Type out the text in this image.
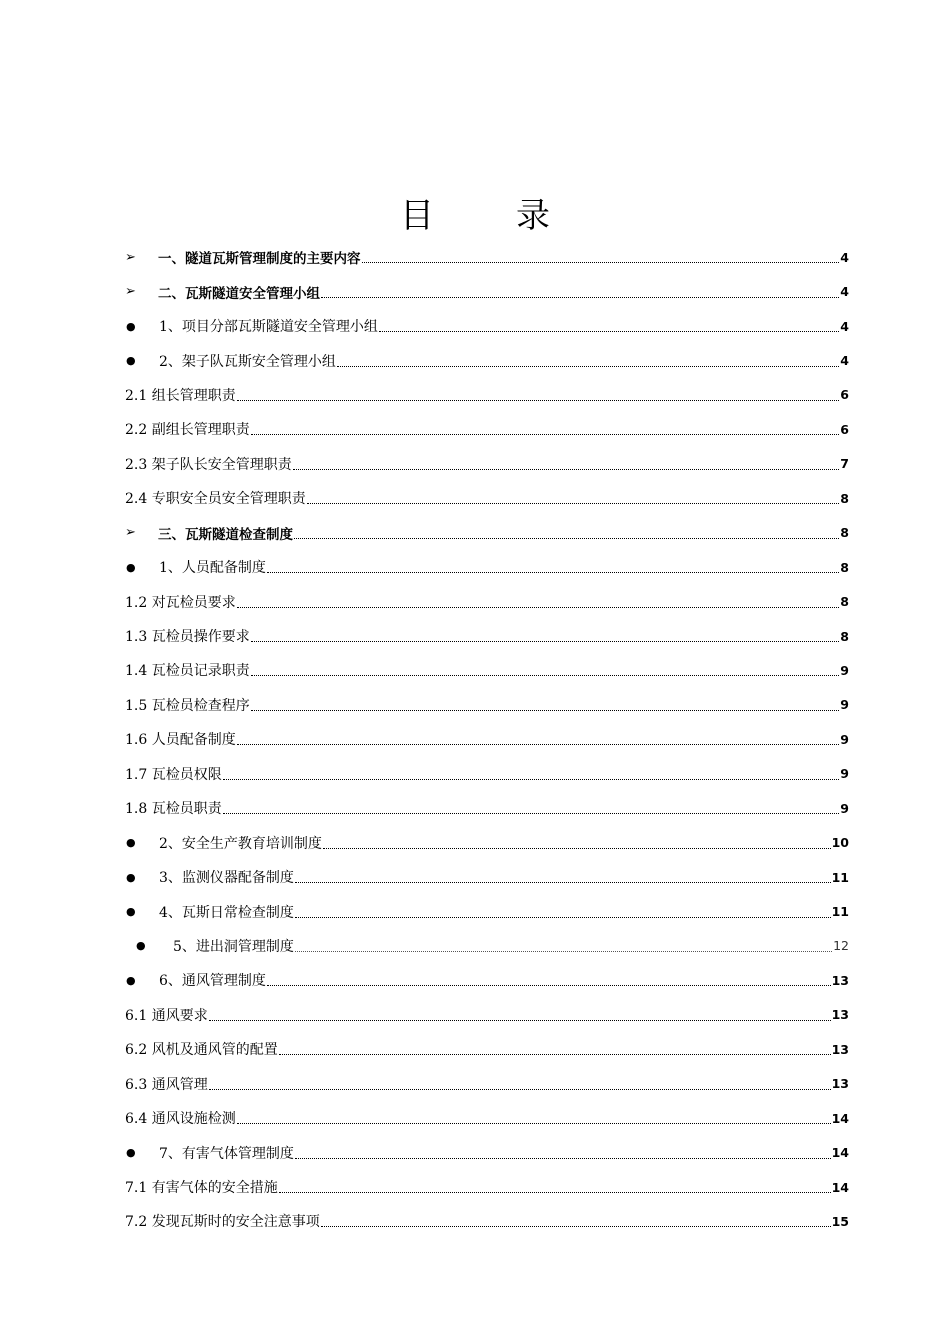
目 录
➢	一、隧道瓦斯管理制度的主要内容	4
➢	二、瓦斯隧道安全管理小组	4
●	1、项目分部瓦斯隧道安全管理小组	4
●	2、架子队瓦斯安全管理小组	4
2.1 组长管理职责	6
2.2 副组长管理职责	6
2.3 架子队长安全管理职责	7
2.4 专职安全员安全管理职责	8
➢	三、瓦斯隧道检查制度	8
●	1、人员配备制度	8
1.2 对瓦检员要求	8
1.3 瓦检员操作要求	8
1.4 瓦检员记录职责	9
1.5 瓦检员检查程序	9
1.6 人员配备制度	9
1.7 瓦检员权限	9
1.8 瓦检员职责	9
●	2、安全生产教育培训制度	10
●	3、监测仪器配备制度	11
●	4、瓦斯日常检查制度	11
●	5、进出洞管理制度	12
●	6、通风管理制度	13
6.1 通风要求	13
6.2 风机及通风管的配置	13
6.3 通风管理	13
6.4 通风设施检测	14
●	7、有害气体管理制度	14
7.1 有害气体的安全措施	14
7.2 发现瓦斯时的安全注意事项	15
